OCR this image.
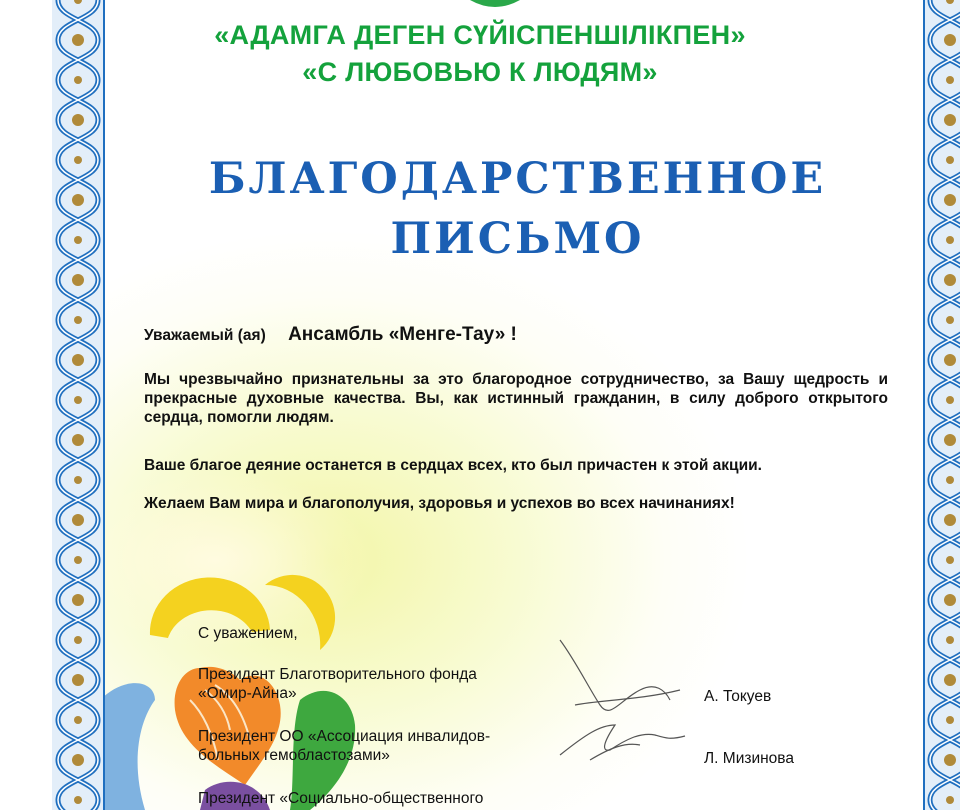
«АДАМГА ДЕГЕН СҮЙІСПЕНШІЛІКПЕН»
«С ЛЮБОВЬЮ К ЛЮДЯМ»
БЛАГОДАРСТВЕННОЕ
ПИСЬМО
Уважаемый (ая) Ансамбль «Менге-Тау» !
Мы чрезвычайно признательны за это благородное сотрудничество, за Вашу щедрость и прекрасные духовные качества. Вы, как истинный гражданин, в силу доброго открытого сердца, помогли людям.
Ваше благое деяние останется в сердцах всех, кто был причастен к этой акции.
Желаем Вам мира и благополучия, здоровья и успехов во всех начинаниях!
С уважением,
Президент Благотворительного фонда
«Омир-Айна»	А. Токуев
Президент ОО «Ассоциация инвалидов-
больных гемобластозами»	Л. Мизинова
Президент «Социально-общественного
